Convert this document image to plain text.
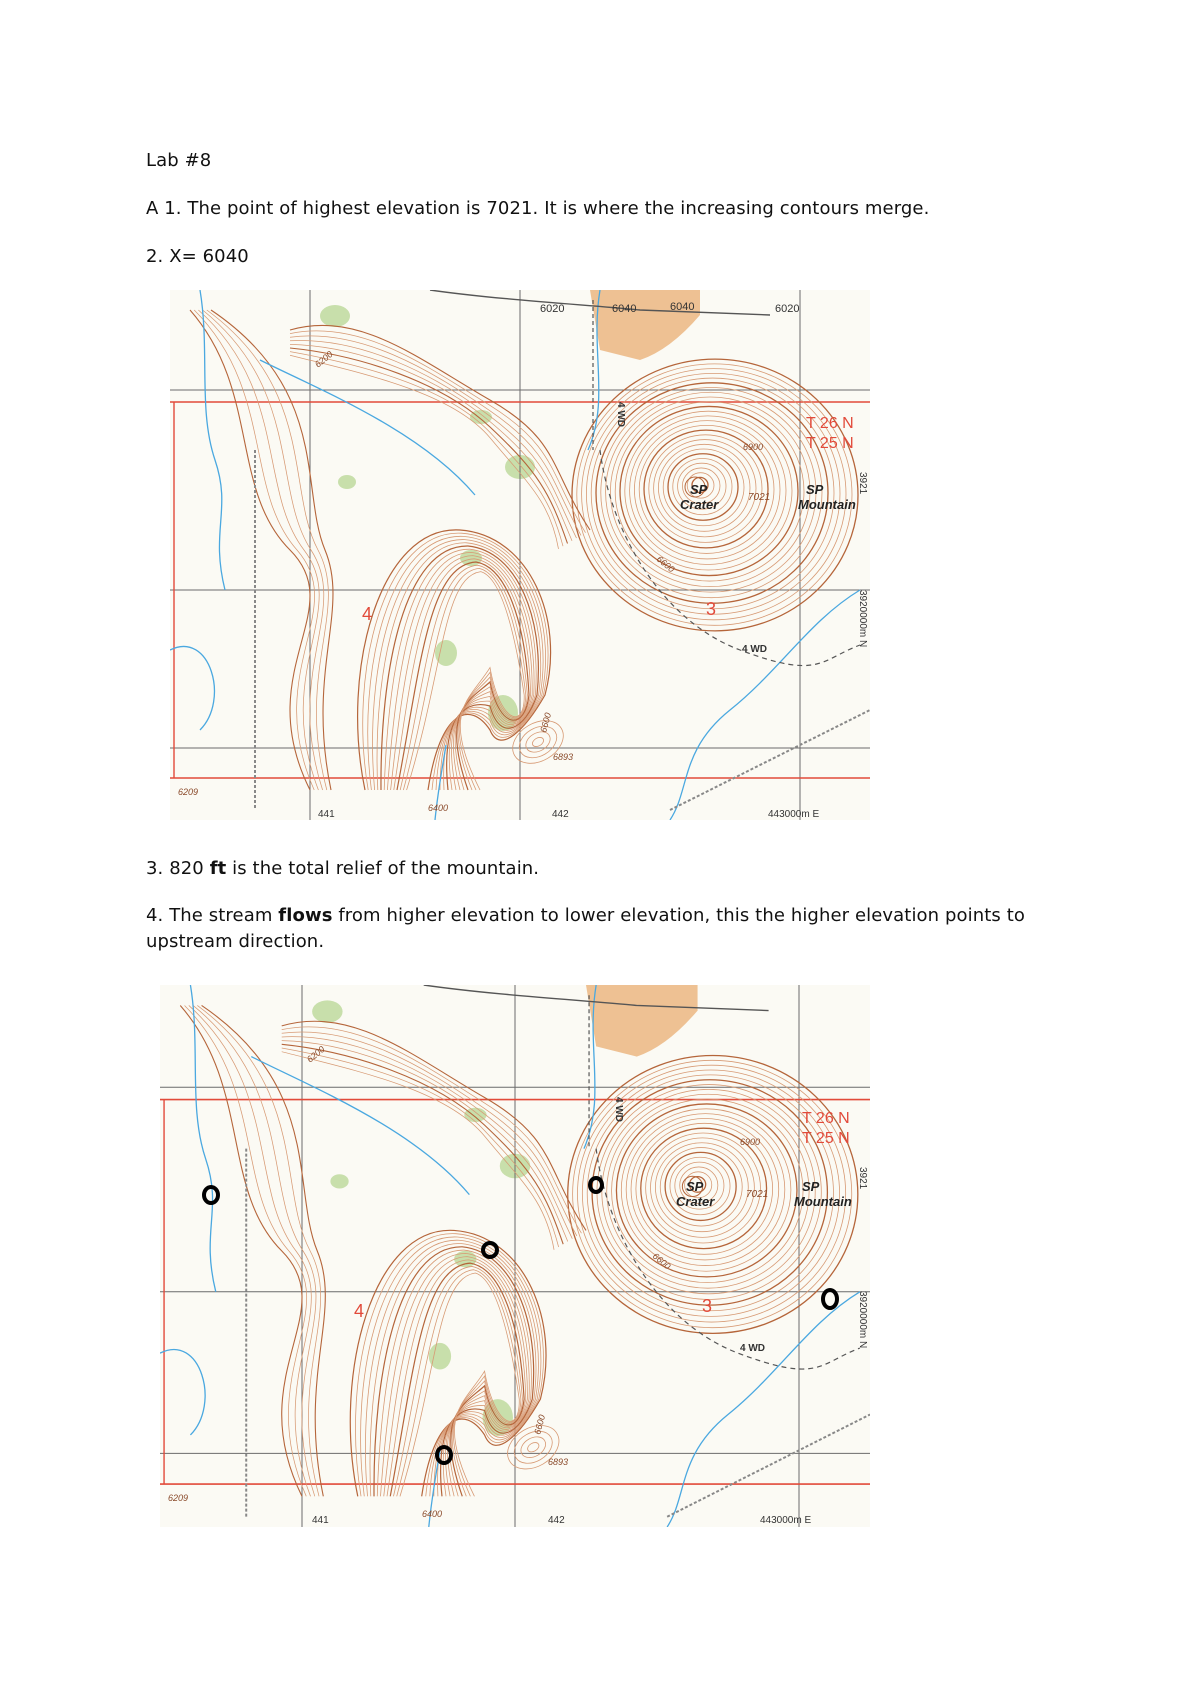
Lab #8
A 1. The point of highest elevation is 7021. It is where the increasing contours merge.
2. X= 6040
6020	6040	6040	6020
T 26 N
T 25 N
4	3
6900
6600
6200
6400
6600
7021
6893
6209
SP
Crater
SP
Mountain
4 WD
4 WD
441	442	443000m E
3920000m N
3921
3. 820 ft is the total relief of the mountain.
4. The stream flows from higher elevation to lower elevation, this the higher elevation points to upstream direction.
T 26 N
T 25 N
4	3
6900
6600
6200
6400
6600
7021
6893
6209
SP
Crater
SP
Mountain
4 WD
4 WD
441	442	443000m E
3920000m N
3921
